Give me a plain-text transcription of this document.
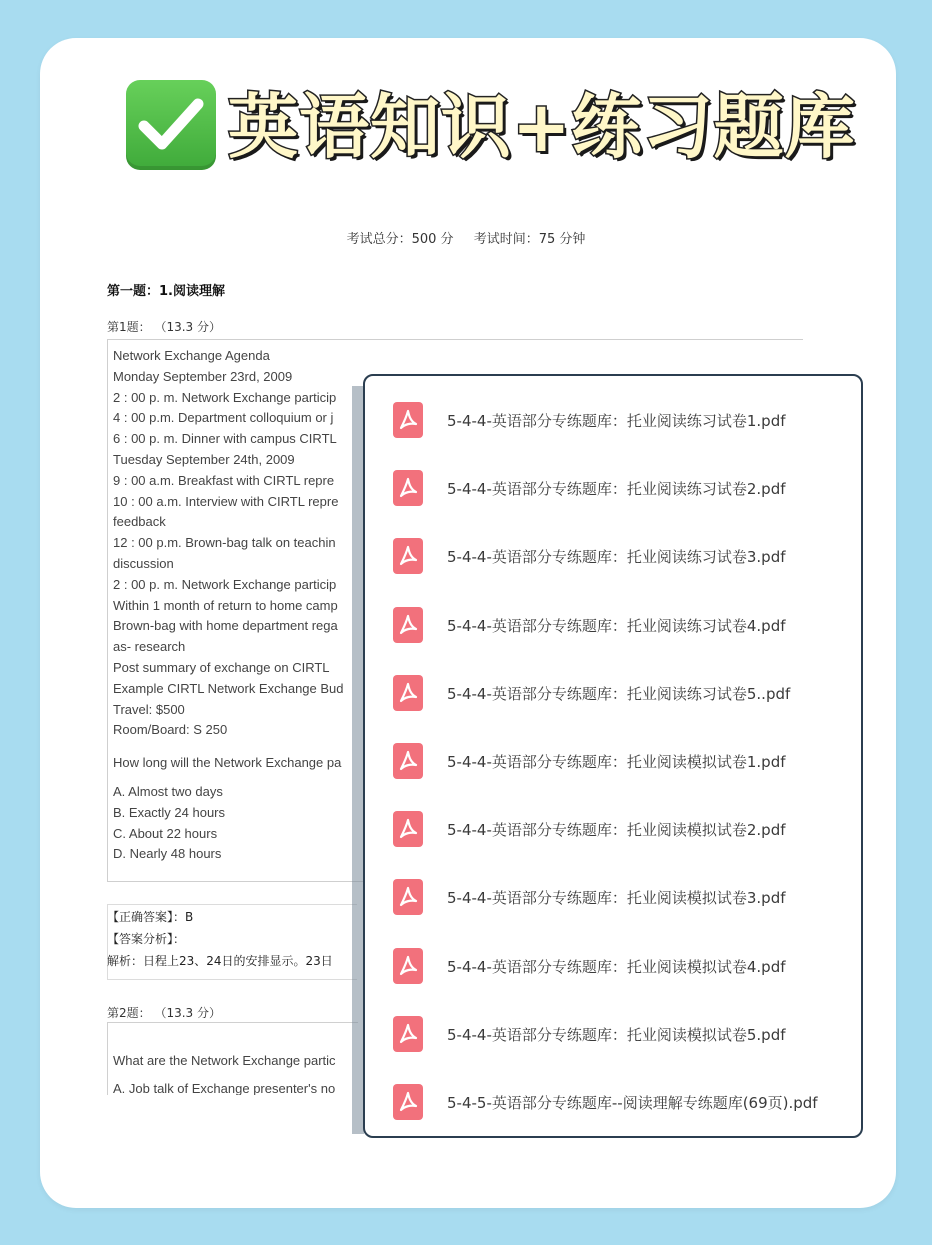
英语知识+练习题库
考试总分：500 分 考试时间：75 分钟
第一题：1.阅读理解
第1题： （13.3 分）
Network Exchange Agenda
Monday September 23rd, 2009
2 : 00 p. m. Network Exchange particip
4 : 00 p.m. Department colloquium or j
6 : 00 p. m. Dinner with campus CIRTL
Tuesday September 24th, 2009
9 : 00 a.m. Breakfast with CIRTL repre
10 : 00 a.m. Interview with CIRTL repre
feedback
12 : 00 p.m. Brown-bag talk on teachin
discussion
2 : 00 p. m. Network Exchange particip
Within 1 month of return to home camp
Brown-bag with home department rega
as- research
Post summary of exchange on CIRTL
Example CIRTL Network Exchange Bud
Travel: $500
Room/Board: S 250
How long will the Network Exchange pa
A. Almost two days
B. Exactly 24 hours
C. About 22 hours
D. Nearly 48 hours
【正确答案】：B
【答案分析】：
解析：日程上23、24日的安排显示。23日
第2题： （13.3 分）
What are the Network Exchange partic
A. Job talk of Exchange presenter's no
5-4-4-英语部分专练题库：托业阅读练习试卷1.pdf
5-4-4-英语部分专练题库：托业阅读练习试卷2.pdf
5-4-4-英语部分专练题库：托业阅读练习试卷3.pdf
5-4-4-英语部分专练题库：托业阅读练习试卷4.pdf
5-4-4-英语部分专练题库：托业阅读练习试卷5..pdf
5-4-4-英语部分专练题库：托业阅读模拟试卷1.pdf
5-4-4-英语部分专练题库：托业阅读模拟试卷2.pdf
5-4-4-英语部分专练题库：托业阅读模拟试卷3.pdf
5-4-4-英语部分专练题库：托业阅读模拟试卷4.pdf
5-4-4-英语部分专练题库：托业阅读模拟试卷5.pdf
5-4-5-英语部分专练题库--阅读理解专练题库(69页).pdf
